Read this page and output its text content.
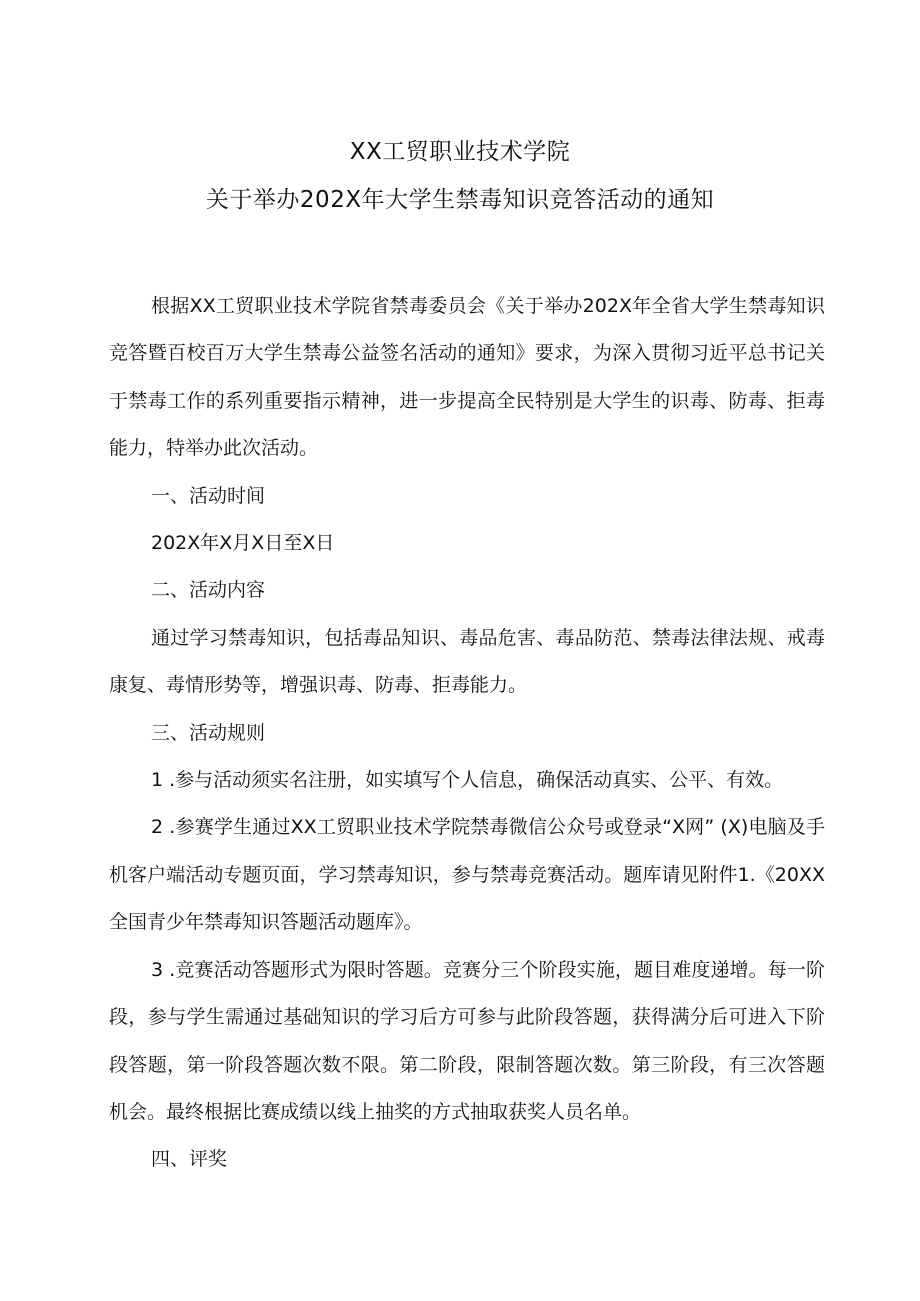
XX工贸职业技术学院
关于举办202X年大学生禁毒知识竞答活动的通知

根据XX工贸职业技术学院省禁毒委员会《关于举办202X年全省大学生禁毒知识竞答暨百校百万大学生禁毒公益签名活动的通知》要求，为深入贯彻习近平总书记关于禁毒工作的系列重要指示精神，进一步提高全民特别是大学生的识毒、防毒、拒毒能力，特举办此次活动。

一、活动时间

202X年X月X日至X日

二、活动内容

通过学习禁毒知识，包括毒品知识、毒品危害、毒品防范、禁毒法律法规、戒毒康复、毒情形势等，增强识毒、防毒、拒毒能力。

三、活动规则

1 .参与活动须实名注册，如实填写个人信息，确保活动真实、公平、有效。

2 .参赛学生通过XX工贸职业技术学院禁毒微信公众号或登录“X网” (X)电脑及手机客户端活动专题页面，学习禁毒知识，参与禁毒竞赛活动。题库请见附件1.《20XX全国青少年禁毒知识答题活动题库》。

3 .竞赛活动答题形式为限时答题。竞赛分三个阶段实施，题目难度递增。每一阶段，参与学生需通过基础知识的学习后方可参与此阶段答题，获得满分后可进入下阶段答题，第一阶段答题次数不限。第二阶段，限制答题次数。第三阶段，有三次答题机会。最终根据比赛成绩以线上抽奖的方式抽取获奖人员名单。

四、评奖
